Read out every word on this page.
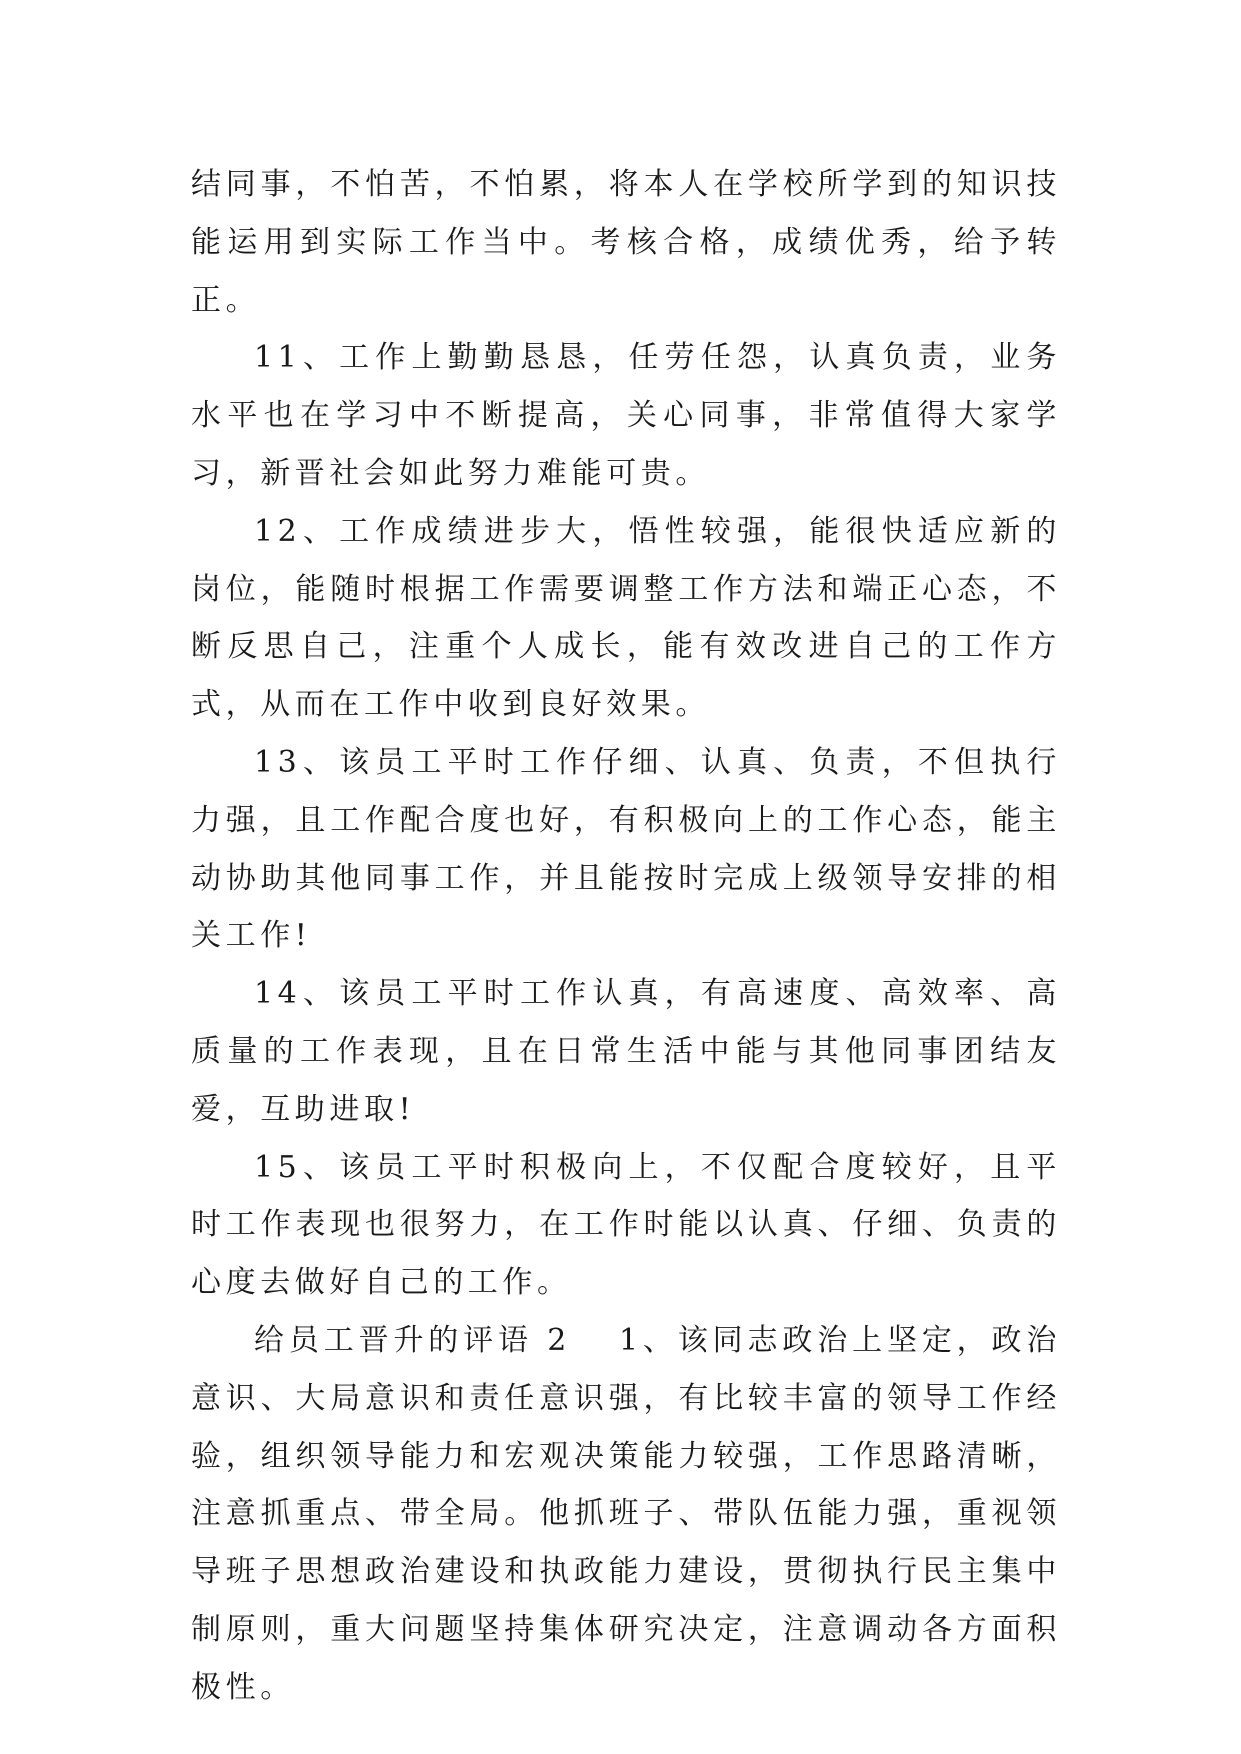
结同事，不怕苦，不怕累，将本人在学校所学到的知识技能运用到实际工作当中。考核合格，成绩优秀，给予转正。

11、工作上勤勤恳恳，任劳任怨，认真负责，业务水平也在学习中不断提高，关心同事，非常值得大家学习，新晋社会如此努力难能可贵。

12、工作成绩进步大，悟性较强，能很快适应新的岗位，能随时根据工作需要调整工作方法和端正心态，不断反思自己，注重个人成长，能有效改进自己的工作方式，从而在工作中收到良好效果。

13、该员工平时工作仔细、认真、负责，不但执行力强，且工作配合度也好，有积极向上的工作心态，能主动协助其他同事工作，并且能按时完成上级领导安排的相关工作!

14、该员工平时工作认真，有高速度、高效率、高质量的工作表现，且在日常生活中能与其他同事团结友爱，互助进取!

15、该员工平时积极向上，不仅配合度较好，且平时工作表现也很努力，在工作时能以认真、仔细、负责的心度去做好自己的工作。

给员工晋升的评语 2 1、该同志政治上坚定，政治意识、大局意识和责任意识强，有比较丰富的领导工作经验，组织领导能力和宏观决策能力较强，工作思路清晰，注意抓重点、带全局。他抓班子、带队伍能力强，重视领导班子思想政治建设和执政能力建设，贯彻执行民主集中制原则，重大问题坚持集体研究决定，注意调动各方面积极性。
